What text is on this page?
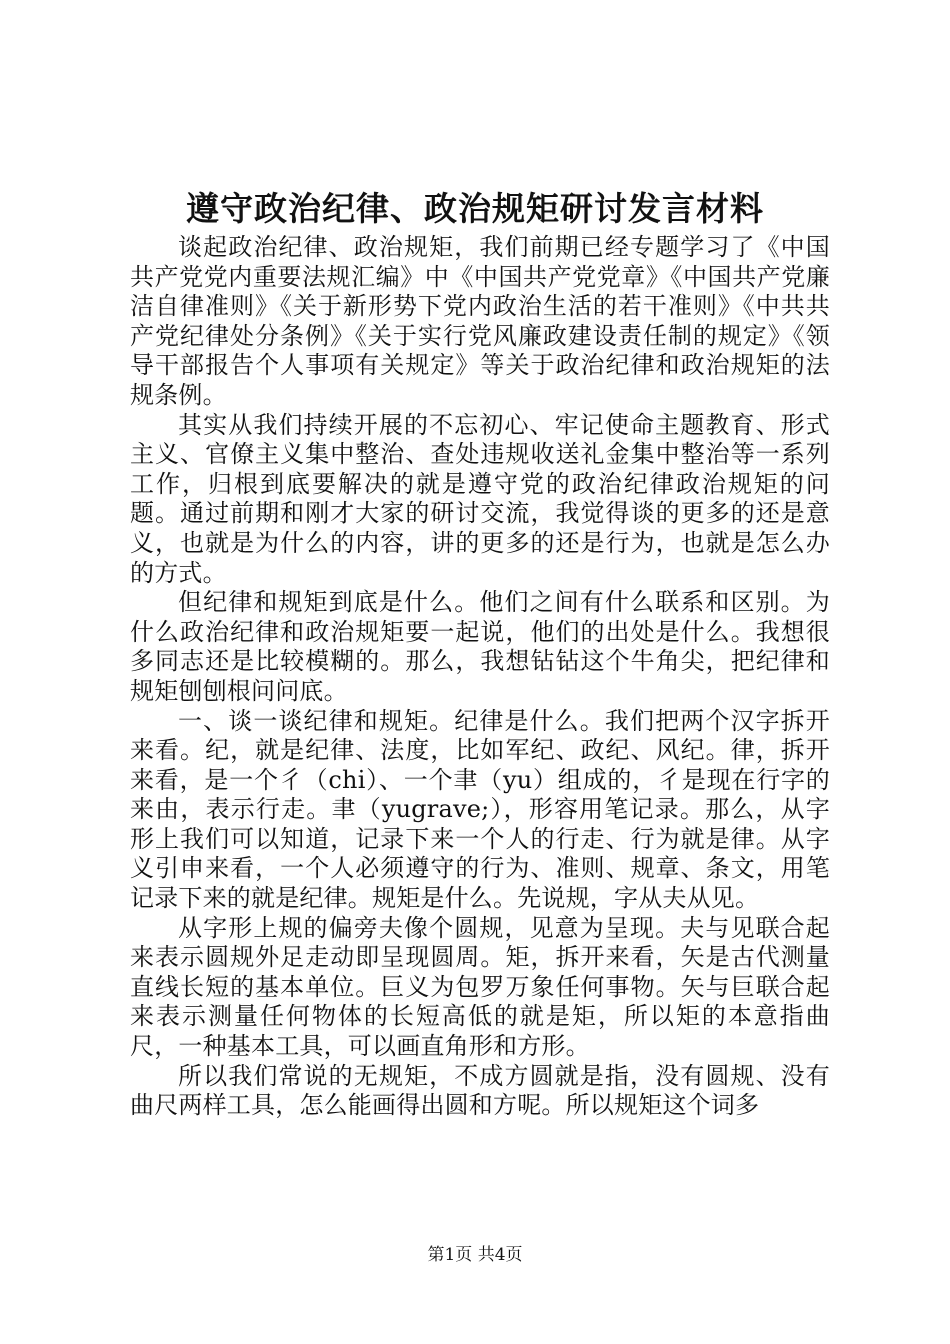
遵守政治纪律、政治规矩研讨发言材料

谈起政治纪律、政治规矩，我们前期已经专题学习了《中国共产党党内重要法规汇编》中《中国共产党党章》《中国共产党廉洁自律准则》《关于新形势下党内政治生活的若干准则》《中共共产党纪律处分条例》《关于实行党风廉政建设责任制的规定》《领导干部报告个人事项有关规定》等关于政治纪律和政治规矩的法规条例。

其实从我们持续开展的不忘初心、牢记使命主题教育、形式主义、官僚主义集中整治、查处违规收送礼金集中整治等一系列工作，归根到底要解决的就是遵守党的政治纪律政治规矩的问题。通过前期和刚才大家的研讨交流，我觉得谈的更多的还是意义，也就是为什么的内容，讲的更多的还是行为，也就是怎么办的方式。

但纪律和规矩到底是什么。他们之间有什么联系和区别。为什么政治纪律和政治规矩要一起说，他们的出处是什么。我想很多同志还是比较模糊的。那么，我想钻钻这个牛角尖，把纪律和规矩刨刨根问问底。

一、谈一谈纪律和规矩。纪律是什么。我们把两个汉字拆开来看。纪，就是纪律、法度，比如军纪、政纪、风纪。律，拆开来看，是一个彳（chi）、一个聿（yu）组成的，彳是现在行字的来由，表示行走。聿（yugrave;），形容用笔记录。那么，从字形上我们可以知道，记录下来一个人的行走、行为就是律。从字义引申来看，一个人必须遵守的行为、准则、规章、条文，用笔记录下来的就是纪律。规矩是什么。先说规，字从夫从见。

从字形上规的偏旁夫像个圆规，见意为呈现。夫与见联合起来表示圆规外足走动即呈现圆周。矩，拆开来看，矢是古代测量直线长短的基本单位。巨义为包罗万象任何事物。矢与巨联合起来表示测量任何物体的长短高低的就是矩，所以矩的本意指曲尺，一种基本工具，可以画直角形和方形。

所以我们常说的无规矩，不成方圆就是指，没有圆规、没有曲尺两样工具，怎么能画得出圆和方呢。所以规矩这个词多

第1页 共4页
